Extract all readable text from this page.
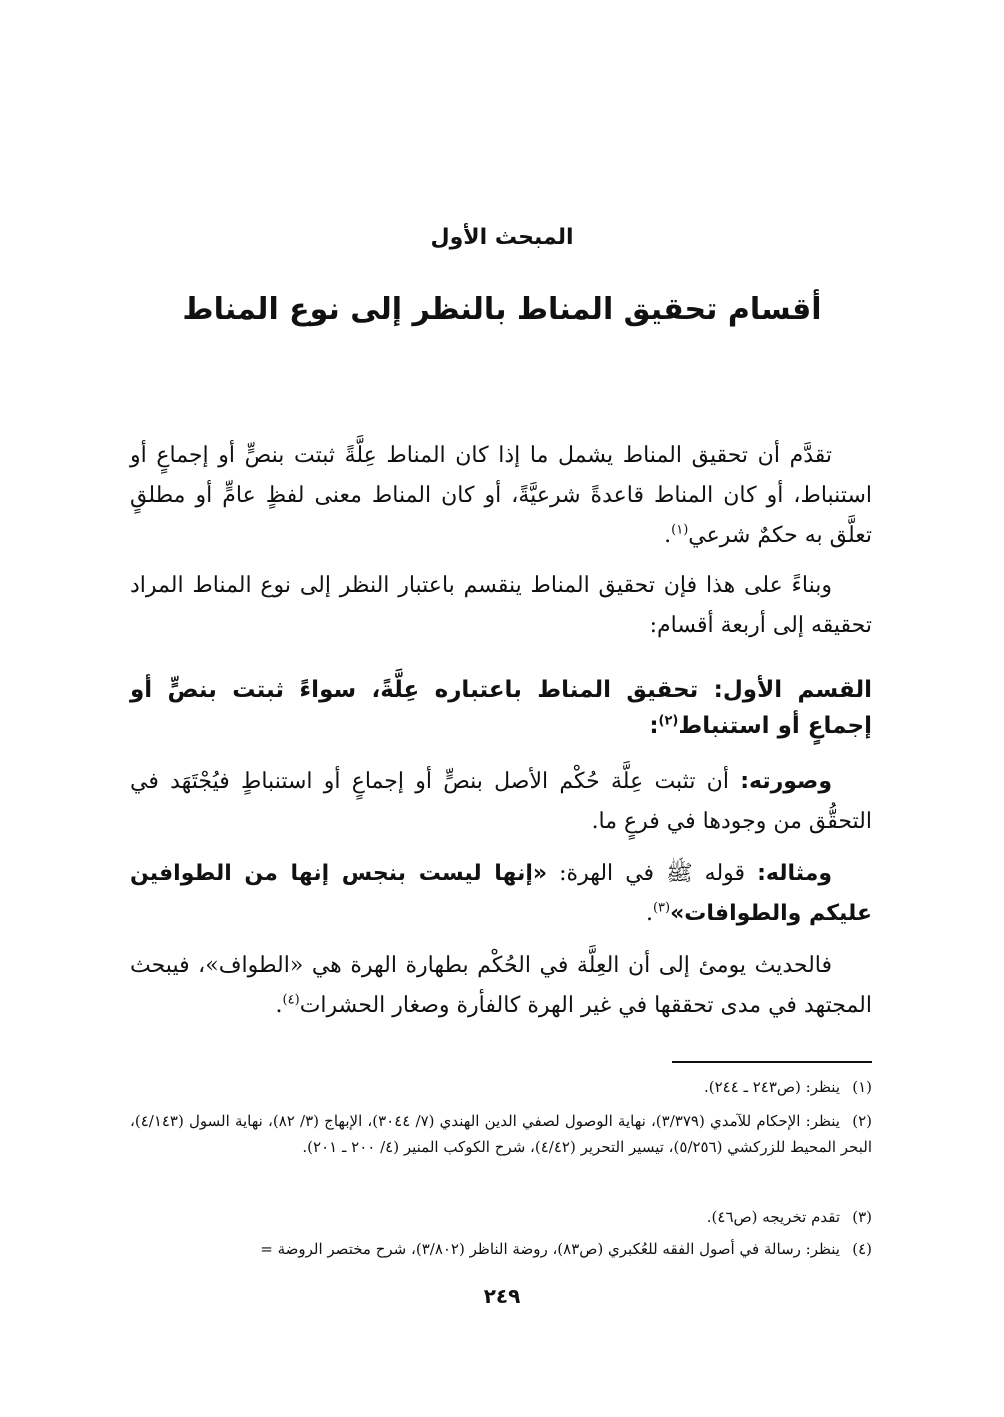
المبحث الأول
أقسام تحقيق المناط بالنظر إلى نوع المناط
تقدَّم أن تحقيق المناط يشمل ما إذا كان المناط عِلَّةً ثبتت بنصٍّ أو إجماعٍ أو استنباط، أو كان المناط قاعدةً شرعيَّةً، أو كان المناط معنى لفظٍ عامٍّ أو مطلقٍ تعلَّق به حكمٌ شرعي$^{(١)}$.
وبناءً على هذا فإن تحقيق المناط ينقسم باعتبار النظر إلى نوع المناط المراد تحقيقه إلى أربعة أقسام:
القسم الأول: تحقيق المناط باعتباره عِلَّةً، سواءً ثبتت بنصٍّ أو إجماعٍ أو استنباط$^{(٢)}$:
وصورته: أن تثبت عِلَّة حُكْم الأصل بنصٍّ أو إجماعٍ أو استنباطٍ فيُجْتَهَد في التحقُّق من وجودها في فرعٍ ما.
ومثاله: قوله ﷺ في الهرة: «إنها ليست بنجس إنها من الطوافين عليكم والطوافات»$^{(٣)}$.
فالحديث يومئ إلى أن العِلَّة في الحُكْم بطهارة الهرة هي «الطواف»، فيبحث المجتهد في مدى تحققها في غير الهرة كالفأرة وصغار الحشرات$^{(٤)}$.
(١)ينظر: (ص٢٤٣ ـ ٢٤٤).
(٢)ينظر: الإحكام للآمدي (٣/٣٧٩)، نهاية الوصول لصفي الدين الهندي (٧/ ٣٠٤٤)، الإبهاج (٣/ ٨٢)، نهاية السول (٤/١٤٣)، البحر المحيط للزركشي (٥/٢٥٦)، تيسير التحرير (٤/٤٢)، شرح الكوكب المنير (٤/ ٢٠٠ ـ ٢٠١).
(٣)تقدم تخريجه (ص٤٦).
(٤)ينظر: رسالة في أصول الفقه للعُكبري (ص٨٣)، روضة الناظر (٣/٨٠٢)، شرح مختصر الروضة =
٢٤٩
